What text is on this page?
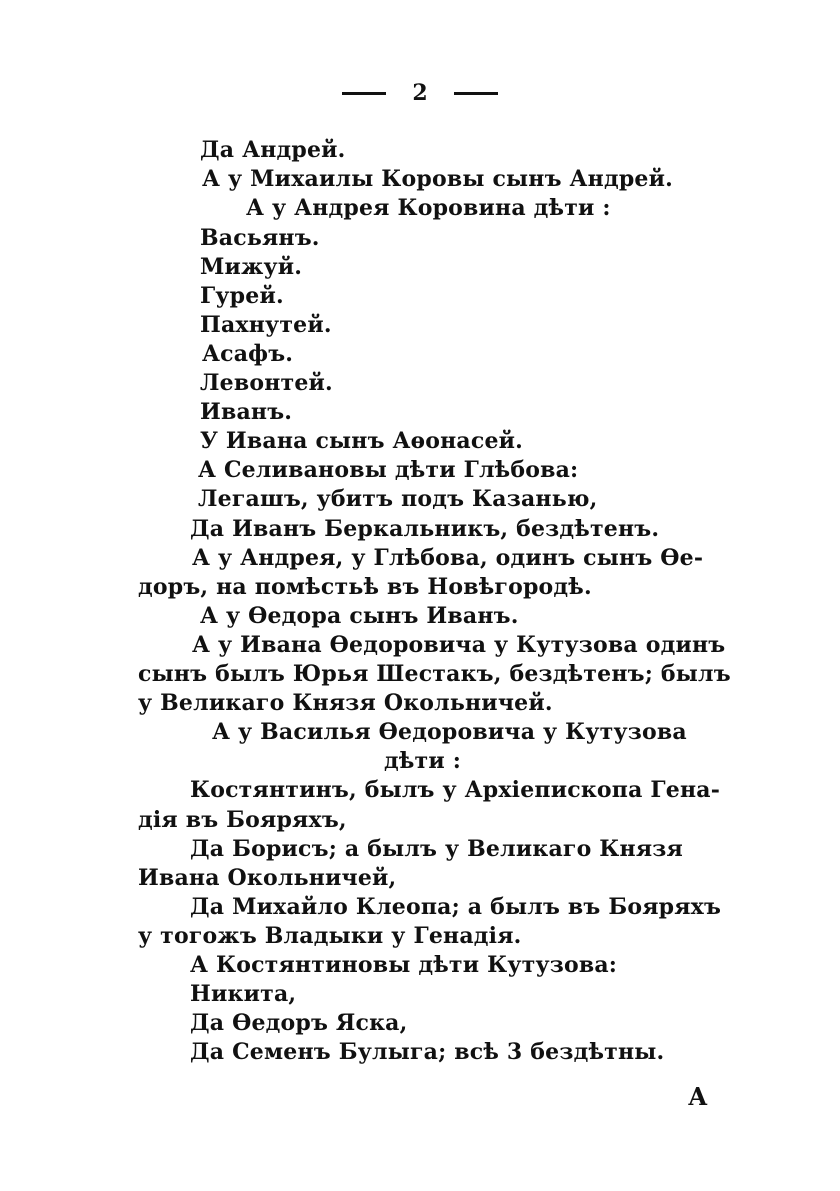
2
Да Андрей.
А у Михаилы Коровы сынъ Андрей.
А у Андрея Коровина дѣти :
Васьянъ.
Мижуй.
Гурей.
Пахнутей.
Асафъ.
Левонтей.
Иванъ.
У Ивана сынъ Аѳонасей.
А Селивановы дѣти Глѣбова:
Легашъ, убитъ подъ Казанью,
Да Иванъ Беркальникъ, бездѣтенъ.
А у Андрея, у Глѣбова, одинъ сынъ Ѳе-
доръ, на помѣстьѣ въ Новѣгородѣ.
А у Ѳедора сынъ Иванъ.
А у Ивана Ѳедоровича у Кутузова одинъ
сынъ былъ Юрья Шестакъ, бездѣтенъ; былъ
у Великаго Князя Окольничей.
А у Василья Ѳедоровича у Кутузова
дѣти :
Костянтинъ, былъ у Архіепископа Гена-
дія въ Бояряхъ,
Да Борисъ; а былъ у Великаго Князя
Ивана Окольничей,
Да Михайло Клеопа; а былъ въ Бояряхъ
у тогожъ Владыки у Генадія.
А Костянтиновы дѣти Кутузова:
Никита,
Да Ѳедоръ Яска,
Да Семенъ Булыга; всѣ 3 бездѣтны.
А
